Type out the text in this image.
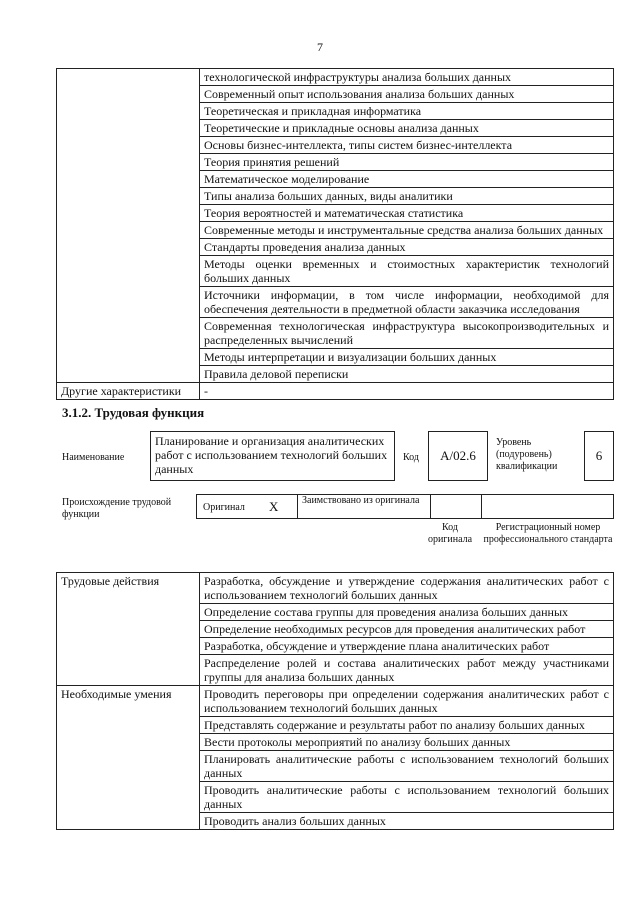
7
	технологической инфраструктуры анализа больших данных
	Современный опыт использования анализа больших данных
	Теоретическая и прикладная информатика
	Теоретические и прикладные основы анализа данных
	Основы бизнес-интеллекта, типы систем бизнес-интеллекта
	Теория принятия решений
	Математическое моделирование
	Типы анализа больших данных, виды аналитики
	Теория вероятностей и математическая статистика
	Современные методы и инструментальные средства анализа больших данных
	Стандарты проведения анализа данных
	Методы оценки временных и стоимостных характеристик технологий больших данных
	Источники информации, в том числе информации, необходимой для обеспечения деятельности в предметной области заказчика исследования
	Современная технологическая инфраструктура высокопроизводительных и распределенных вычислений
	Методы интерпретации и визуализации больших данных
	Правила деловой переписки
Другие характеристики	-
3.1.2. Трудовая функция
Наименование
Планирование и организация аналитических работ с использованием технологий больших данных
Код А/02.6
Уровень (подуровень) квалификации
6
Происхождение трудовой функции
Оригинал X Заимствовано из оригинала
Код оригинала
Регистрационный номер профессионального стандарта
Трудовые действия	Разработка, обсуждение и утверждение содержания аналитических работ с использованием технологий больших данных
	Определение состава группы для проведения анализа больших данных
	Определение необходимых ресурсов для проведения аналитических работ
	Разработка, обсуждение и утверждение плана аналитических работ
	Распределение ролей и состава аналитических работ между участниками группы для анализа больших данных
Необходимые умения	Проводить переговоры при определении содержания аналитических работ с использованием технологий больших данных
	Представлять содержание и результаты работ по анализу больших данных
	Вести протоколы мероприятий по анализу больших данных
	Планировать аналитические работы с использованием технологий больших данных
	Проводить аналитические работы с использованием технологий больших данных
	Проводить анализ больших данных
